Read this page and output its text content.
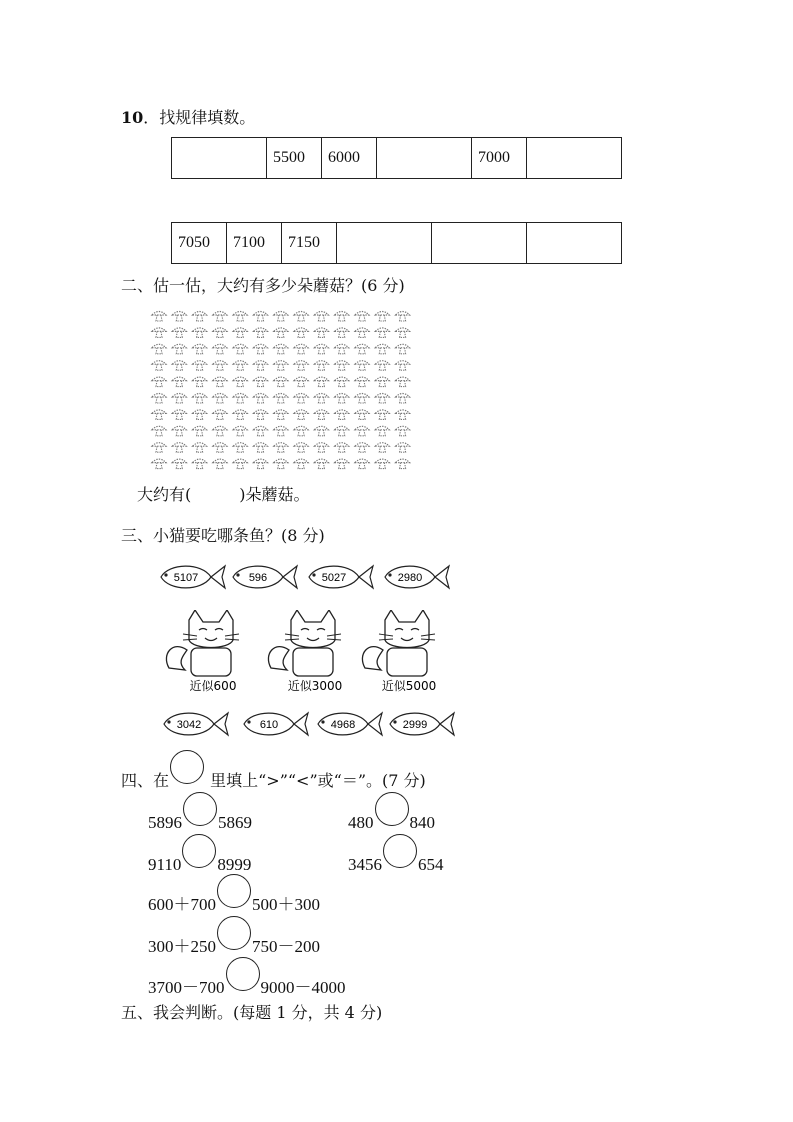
10．找规律填数。
	5500	6000		7000	
7050	7100	7150			
二、估一估，大约有多少朵蘑菇？(6 分)
大约有(	)朵蘑菇。
三、小猫要吃哪条鱼？(8 分)
5107	596	5027	2980
近似600	近似3000	近似5000
3042	610	4968	2999
四、在 里填上“>”“<”或“＝”。(7 分)
5896 5869	480 840
9110 8999	3456 654
600＋700 500＋300
300＋250 750－200
3700－700 9000－4000
五、我会判断。(每题 1 分，共 4 分)
